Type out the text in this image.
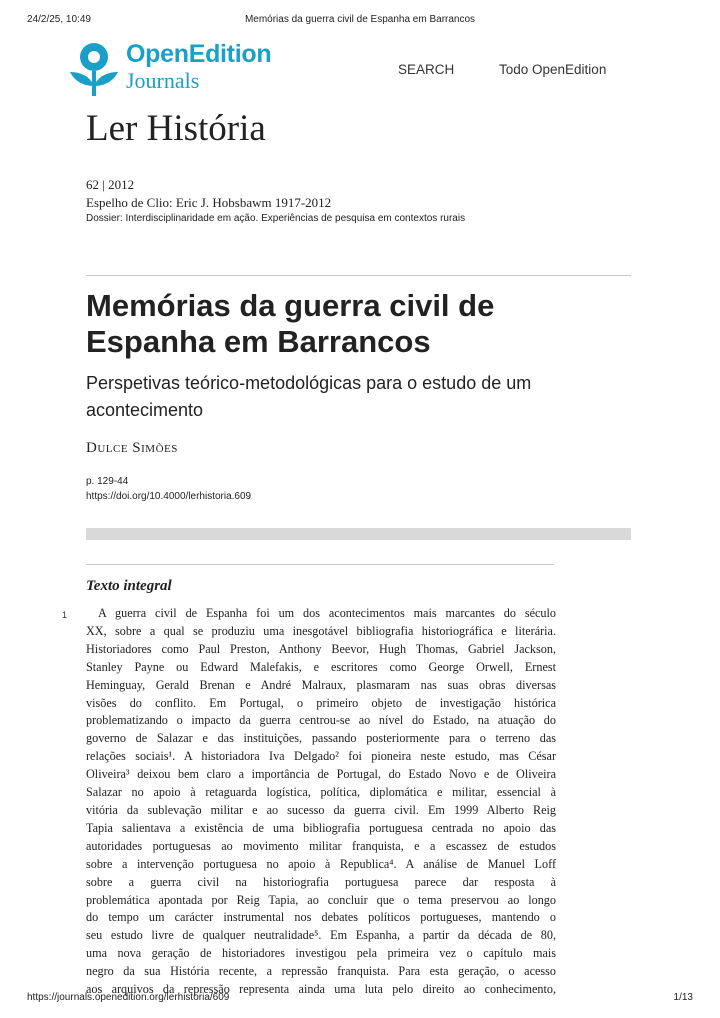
24/2/25, 10:49	Memórias da guerra civil de Espanha em Barrancos
OpenEdition
Journals	SEARCH	Todo OpenEdition
Ler História
62 | 2012
Espelho de Clio: Eric J. Hobsbawm 1917-2012
Dossier: Interdisciplinaridade em ação. Experiências de pesquisa em contextos rurais
Memórias da guerra civil de Espanha em Barrancos
Perspetivas teórico-metodológicas para o estudo de um acontecimento
Dulce Simões
p. 129-44
https://doi.org/10.4000/lerhistoria.609
Texto integral
1	A guerra civil de Espanha foi um dos acontecimentos mais marcantes do século
XX, sobre a qual se produziu uma inesgotável bibliografia historiográfica e literária.
Historiadores como Paul Preston, Anthony Beevor, Hugh Thomas, Gabriel Jackson,
Stanley Payne ou Edward Malefakis, e escritores como George Orwell, Ernest
Heminguay, Gerald Brenan e André Malraux, plasmaram nas suas obras diversas
visões do conflito. Em Portugal, o primeiro objeto de investigação histórica
problematizando o impacto da guerra centrou-se ao nível do Estado, na atuação do
governo de Salazar e das instituições, passando posteriormente para o terreno das
relações sociais¹. A historiadora Iva Delgado² foi pioneira neste estudo, mas César
Oliveira³ deixou bem claro a importância de Portugal, do Estado Novo e de Oliveira
Salazar no apoio à retaguarda logística, política, diplomática e militar, essencial à
vitória da sublevação militar e ao sucesso da guerra civil. Em 1999 Alberto Reig
Tapia salientava a existência de uma bibliografia portuguesa centrada no apoio das
autoridades portuguesas ao movimento militar franquista, e a escassez de estudos
sobre a intervenção portuguesa no apoio à Republica⁴. A análise de Manuel Loff
sobre a guerra civil na historiografia portuguesa parece dar resposta à
problemática apontada por Reig Tapia, ao concluir que o tema preservou ao longo
do tempo um carácter instrumental nos debates políticos portugueses, mantendo o
seu estudo livre de qualquer neutralidade⁵. Em Espanha, a partir da década de 80,
uma nova geração de historiadores investigou pela primeira vez o capítulo mais
negro da sua História recente, a repressão franquista. Para esta geração, o acesso
aos arquivos da repressão representa ainda uma luta pelo direito ao conhecimento,
https://journals.openedition.org/lerhistoria/609	1/13
